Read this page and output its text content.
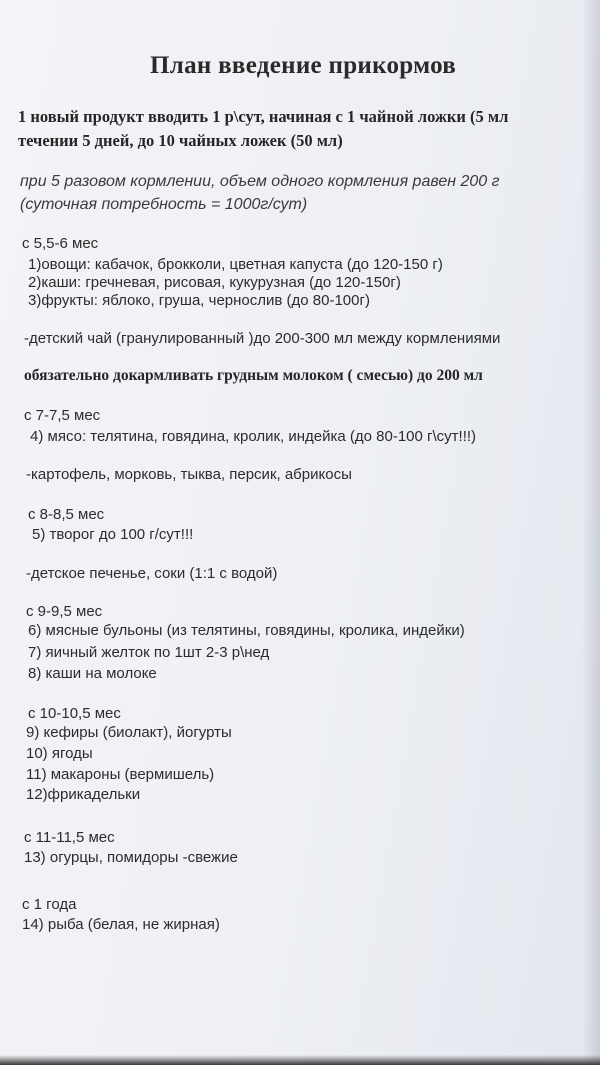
План введение прикормов
1 новый продукт вводить 1 р\сут, начиная с 1 чайной ложки (5 мл
течении 5 дней, до 10 чайных ложек (50 мл)
при 5 разовом кормлении, объем одного кормления равен 200 г
(суточная потребность = 1000г/сут)
с 5,5-6 мес
1)овощи: кабачок, брокколи, цветная капуста (до 120-150 г)
2)каши: гречневая, рисовая, кукурузная (до 120-150г)
3)фрукты: яблоко, груша, чернослив (до 80-100г)
-детский чай (гранулированный )до 200-300 мл между кормлениями
обязательно докармливать грудным молоком ( смесью) до 200 мл
с 7-7,5 мес
4) мясо: телятина, говядина, кролик, индейка (до 80-100 г\сут!!!)
-картофель, морковь, тыква, персик, абрикосы
с 8-8,5 мес
5) творог до 100 г/сут!!!
-детское печенье, соки (1:1 с водой)
с 9-9,5 мес
6) мясные бульоны (из телятины, говядины, кролика, индейки)
7) яичный желток по 1шт 2-3 р\нед
8) каши на молоке
с 10-10,5 мес
9) кефиры (биолакт), йогурты
10) ягоды
11) макароны (вермишель)
12)фрикадельки
с 11-11,5 мес
13) огурцы, помидоры -свежие
с 1 года
14) рыба (белая, не жирная)
